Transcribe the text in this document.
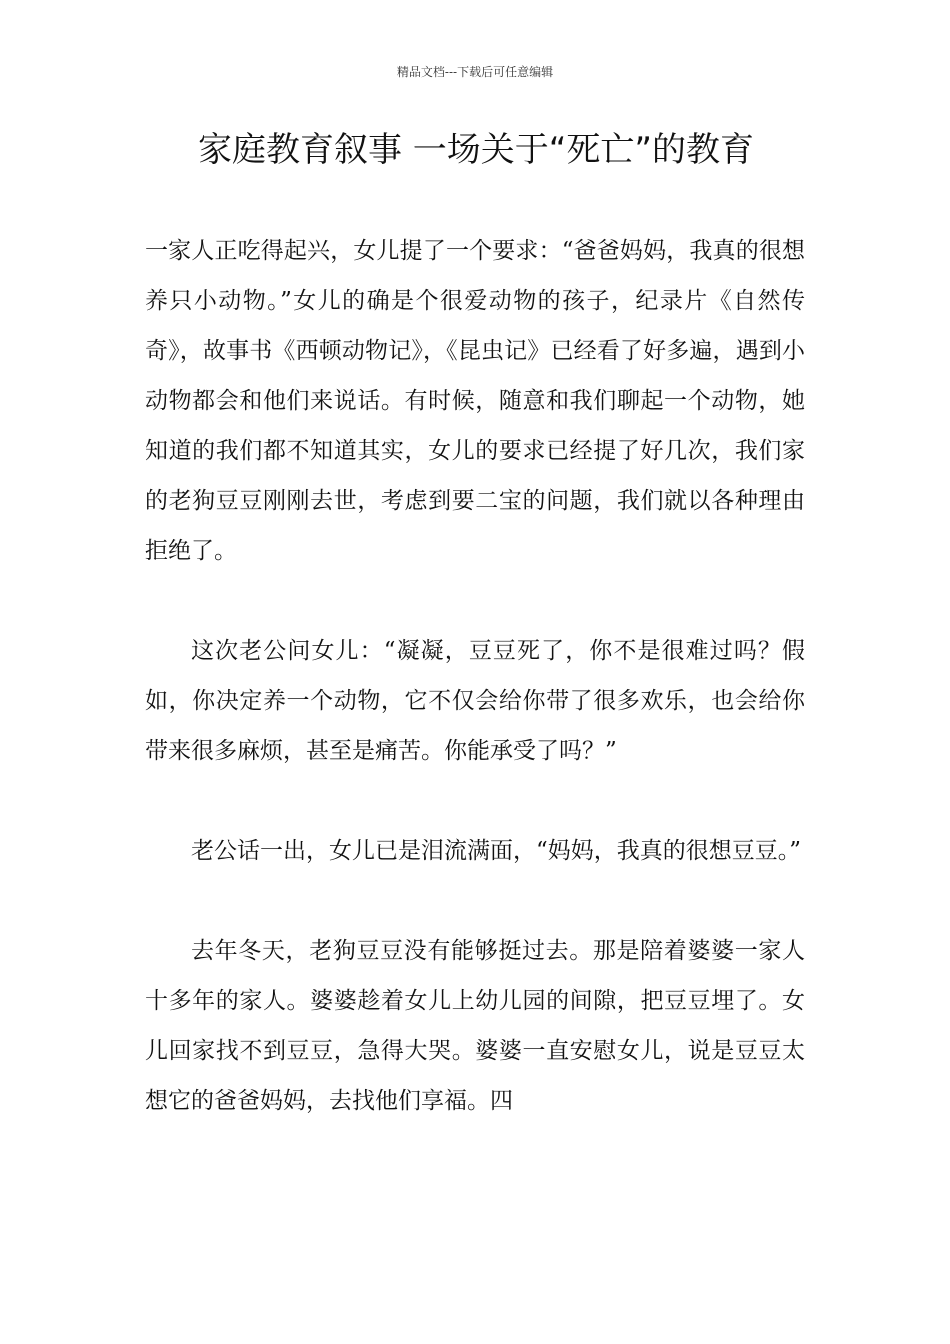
精品文档---下载后可任意编辑

家庭教育叙事 一场关于“死亡”的教育

一家人正吃得起兴，女儿提了一个要求：“爸爸妈妈，我真的很想养只小动物。”女儿的确是个很爱动物的孩子，纪录片《自然传奇》，故事书《西顿动物记》，《昆虫记》已经看了好多遍，遇到小动物都会和他们来说话。有时候，随意和我们聊起一个动物，她知道的我们都不知道其实，女儿的要求已经提了好几次，我们家的老狗豆豆刚刚去世，考虑到要二宝的问题，我们就以各种理由拒绝了。

这次老公问女儿：“凝凝，豆豆死了，你不是很难过吗？假如，你决定养一个动物，它不仅会给你带了很多欢乐，也会给你带来很多麻烦，甚至是痛苦。你能承受了吗？”

老公话一出，女儿已是泪流满面，“妈妈，我真的很想豆豆。”

去年冬天，老狗豆豆没有能够挺过去。那是陪着婆婆一家人十多年的家人。婆婆趁着女儿上幼儿园的间隙，把豆豆埋了。女儿回家找不到豆豆，急得大哭。婆婆一直安慰女儿，说是豆豆太想它的爸爸妈妈，去找他们享福。四
